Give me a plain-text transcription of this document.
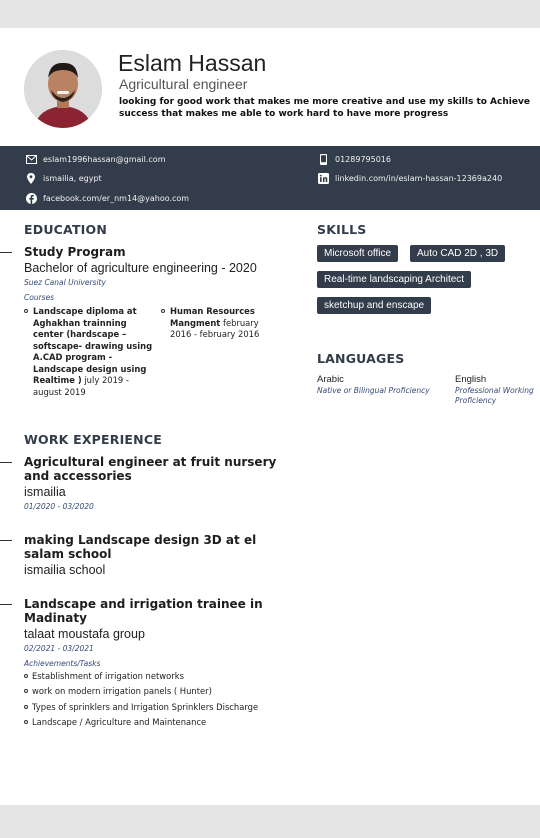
Eslam Hassan
Agricultural engineer
looking for good work that makes me more creative and use my skills to Achieve success that makes me able to work hard to have more progress
eslam1996hassan@gmail.com	01289795016
ismailia, egypt	linkedin.com/in/eslam-hassan-12369a240
facebook.com/er_nm14@yahoo.com
EDUCATION
Study Program
Bachelor of agriculture engineering - 2020
Suez Canal University
Courses
Landscape diploma at Aghakhan trainning center (hardscape – softscape- drawing using A.CAD program - Landscape design using Realtime ) july 2019 - august 2019
Human Resources Mangment february 2016 - february 2016
WORK EXPERIENCE
Agricultural engineer at fruit nursery and accessories
ismailia
01/2020 - 03/2020
making Landscape design 3D at el salam school
ismailia school
Landscape and irrigation trainee in Madinaty
talaat moustafa group
02/2021 - 03/2021
Achievements/Tasks
Establishment of irrigation networks
work on modern irrigation panels ( Hunter)
Types of sprinklers and Irrigation Sprinklers Discharge
Landscape / Agriculture and Maintenance
SKILLS
Microsoft office	Auto CAD 2D , 3D
Real-time landscaping Architect
sketchup and enscape
LANGUAGES
Arabic
Native or Bilingual Proficiency
English
Professional Working Proficiency
